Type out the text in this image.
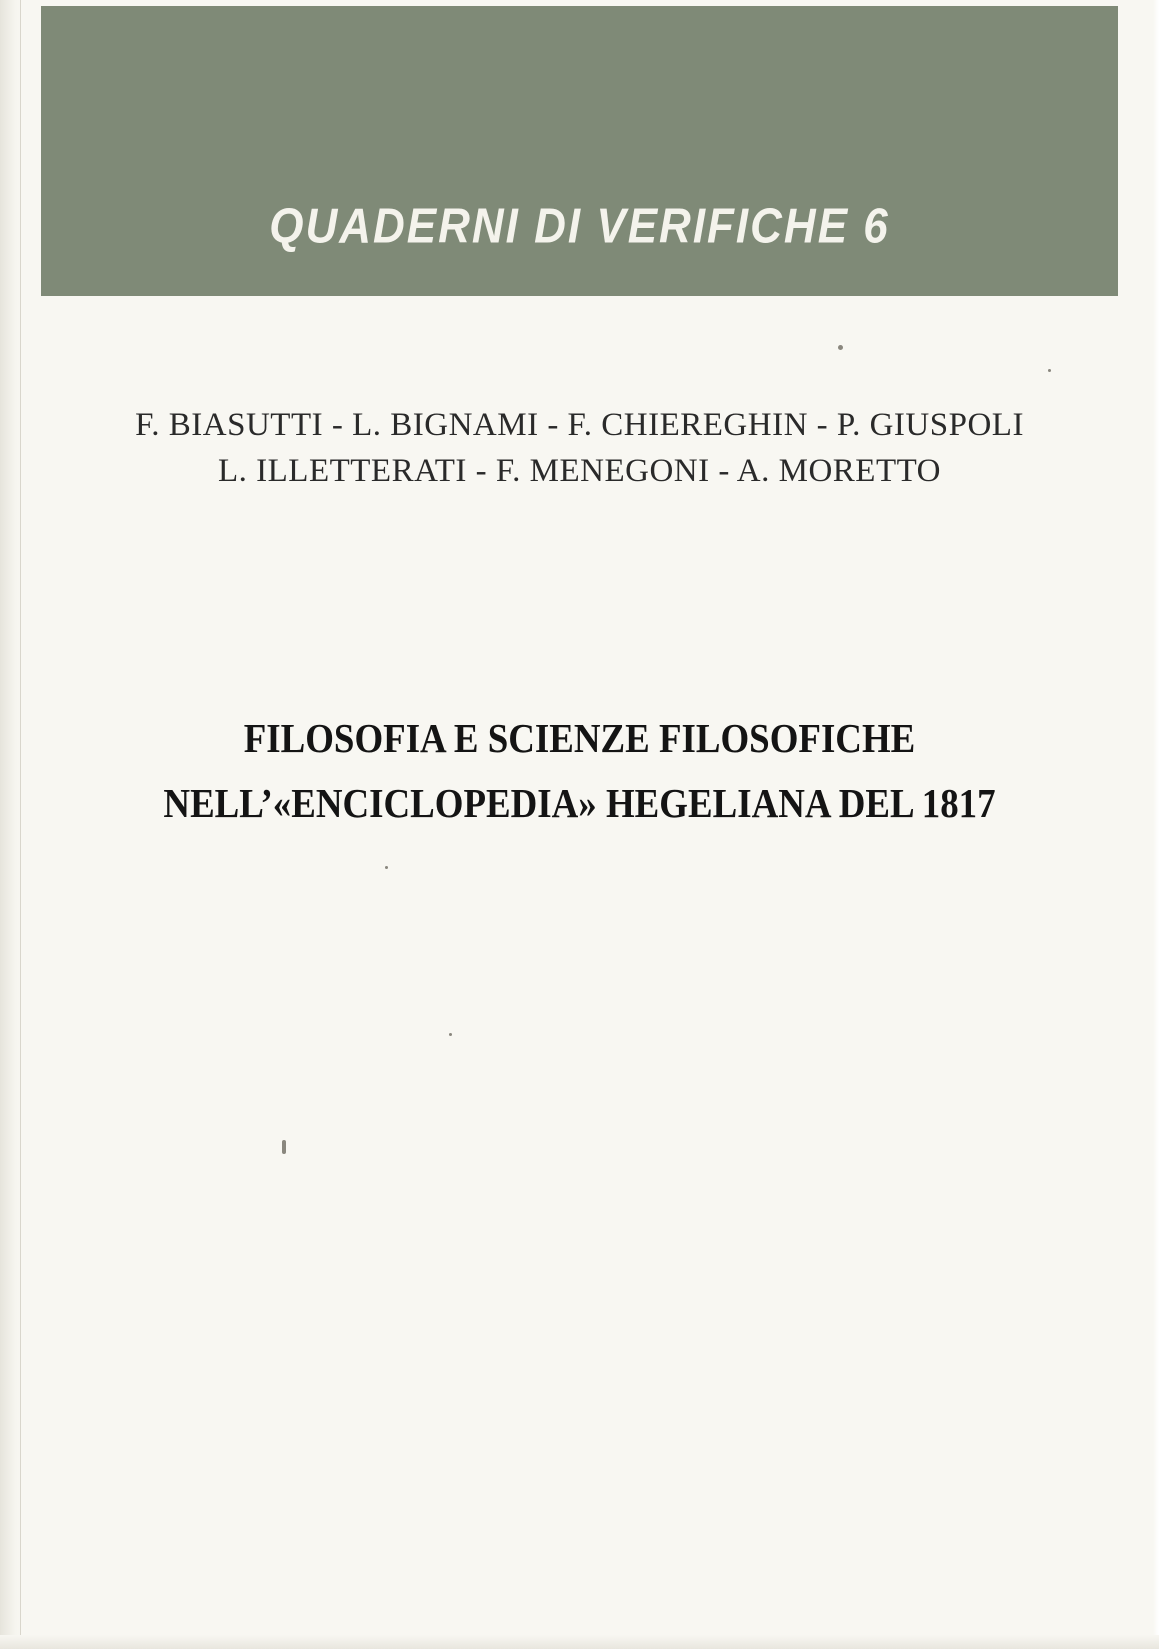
QUADERNI DI VERIFICHE 6
F. BIASUTTI - L. BIGNAMI - F. CHIEREGHIN - P. GIUSPOLI
L. ILLETTERATI - F. MENEGONI - A. MORETTO
FILOSOFIA E SCIENZE FILOSOFICHE
NELL’«ENCICLOPEDIA» HEGELIANA DEL 1817
